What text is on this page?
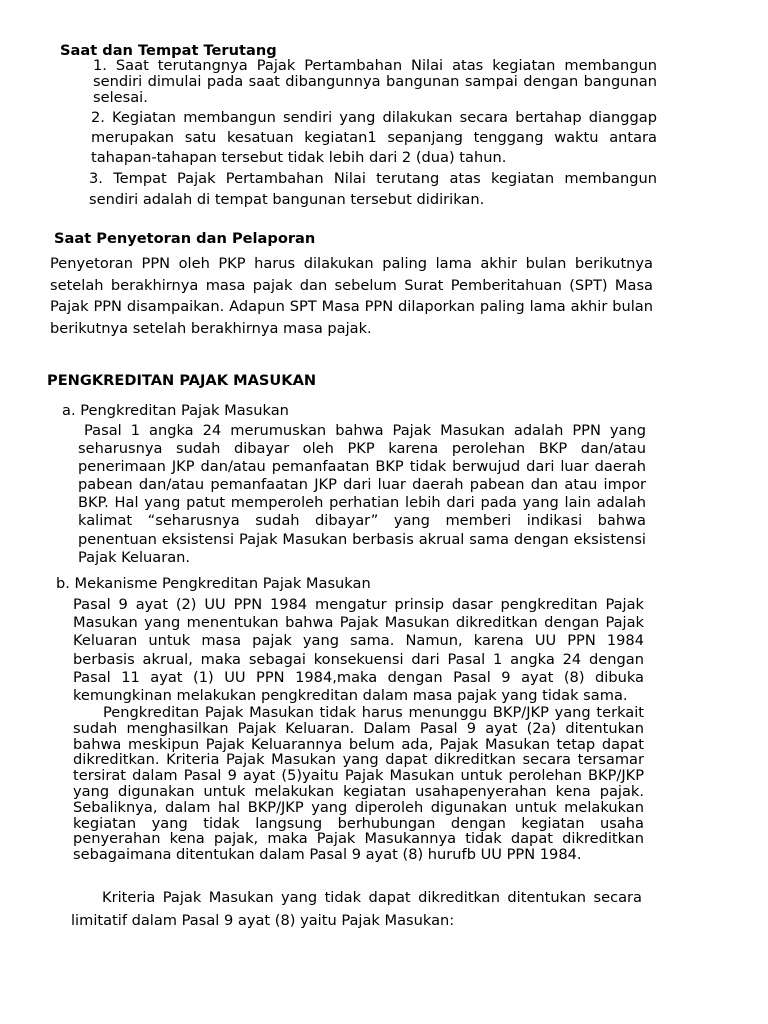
Saat dan Tempat Terutang

1. Saat terutangnya Pajak Pertambahan Nilai atas kegiatan membangun sendiri dimulai pada saat dibangunnya bangunan sampai dengan bangunan selesai.

2. Kegiatan membangun sendiri yang dilakukan secara bertahap dianggap merupakan satu kesatuan kegiatan1 sepanjang tenggang waktu antara tahapan-tahapan tersebut tidak lebih dari 2 (dua) tahun.

3. Tempat Pajak Pertambahan Nilai terutang atas kegiatan membangun sendiri adalah di tempat bangunan tersebut didirikan.

Saat Penyetoran dan Pelaporan

Penyetoran PPN oleh PKP harus dilakukan paling lama akhir bulan berikutnya setelah berakhirnya masa pajak dan sebelum Surat Pemberitahuan (SPT) Masa Pajak PPN disampaikan. Adapun SPT Masa PPN dilaporkan paling lama akhir bulan berikutnya setelah berakhirnya masa pajak.

PENGKREDITAN PAJAK MASUKAN
a. Pengkreditan Pajak Masukan

Pasal 1 angka 24 merumuskan bahwa Pajak Masukan adalah PPN yang seharusnya sudah dibayar oleh PKP karena perolehan BKP dan/atau penerimaan JKP dan/atau pemanfaatan BKP tidak berwujud dari luar daerah pabean dan/atau pemanfaatan JKP dari luar daerah pabean dan atau impor BKP. Hal yang patut memperoleh perhatian lebih dari pada yang lain adalah kalimat “seharusnya sudah dibayar” yang memberi indikasi bahwa penentuan eksistensi Pajak Masukan berbasis akrual sama dengan eksistensi Pajak Keluaran.

b. Mekanisme Pengkreditan Pajak Masukan

Pasal 9 ayat (2) UU PPN 1984 mengatur prinsip dasar pengkreditan Pajak Masukan yang menentukan bahwa Pajak Masukan dikreditkan dengan Pajak Keluaran untuk masa pajak yang sama. Namun, karena UU PPN 1984 berbasis akrual, maka sebagai konsekuensi dari Pasal 1 angka 24 dengan Pasal 11 ayat (1) UU PPN 1984,maka dengan Pasal 9 ayat (8) dibuka kemungkinan melakukan pengkreditan dalam masa pajak yang tidak sama.

Pengkreditan Pajak Masukan tidak harus menunggu BKP/JKP yang terkait sudah menghasilkan Pajak Keluaran. Dalam Pasal 9 ayat (2a) ditentukan bahwa meskipun Pajak Keluarannya belum ada, Pajak Masukan tetap dapat dikreditkan. Kriteria Pajak Masukan yang dapat dikreditkan secara tersamar tersirat dalam Pasal 9 ayat (5)yaitu Pajak Masukan untuk perolehan BKP/JKP yang digunakan untuk melakukan kegiatan usahapenyerahan kena pajak. Sebaliknya, dalam hal BKP/JKP yang diperoleh digunakan untuk melakukan kegiatan yang tidak langsung berhubungan dengan kegiatan usaha penyerahan kena pajak, maka Pajak Masukannya tidak dapat dikreditkan sebagaimana ditentukan dalam Pasal 9 ayat (8) hurufb UU PPN 1984.

Kriteria Pajak Masukan yang tidak dapat dikreditkan ditentukan secara limitatif dalam Pasal 9 ayat (8) yaitu Pajak Masukan:
